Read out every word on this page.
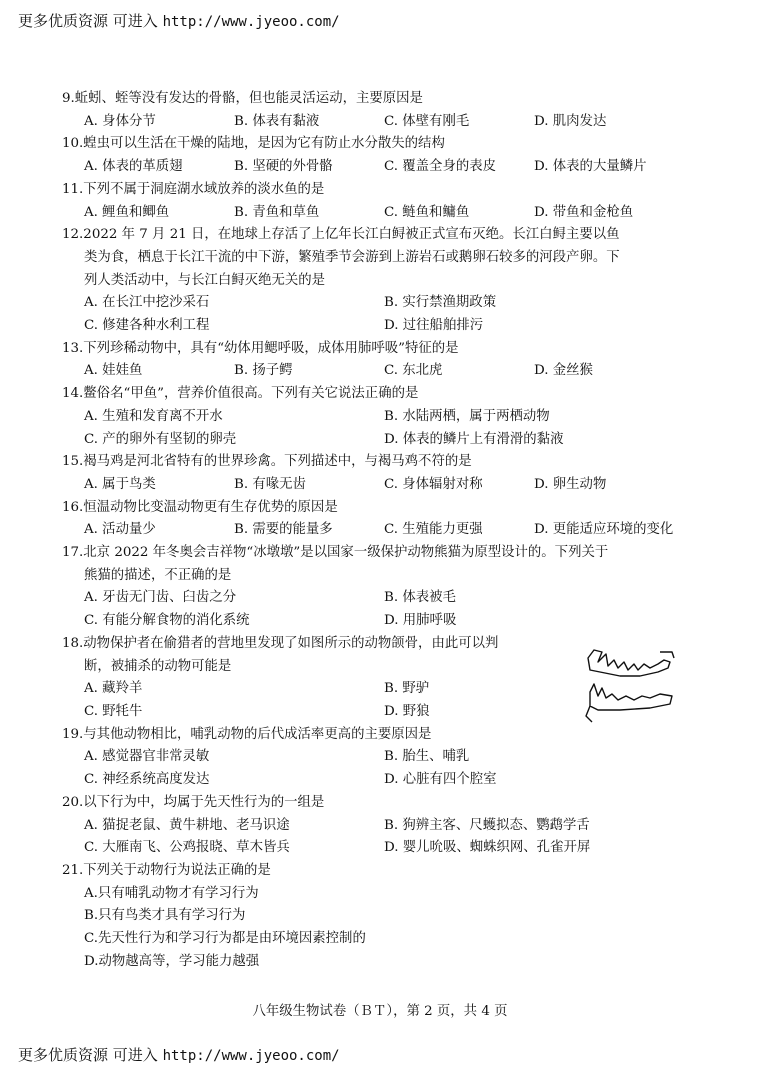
更多优质资源 可进入 http://www.jyeoo.com/
9.蚯蚓、蛭等没有发达的骨骼，但也能灵活运动，主要原因是
A. 身体分节	B. 体表有黏液	C. 体壁有刚毛	D. 肌肉发达
10.蝗虫可以生活在干燥的陆地，是因为它有防止水分散失的结构
A. 体表的革质翅	B. 坚硬的外骨骼	C. 覆盖全身的表皮	D. 体表的大量鳞片
11.下列不属于洞庭湖水域放养的淡水鱼的是
A. 鲤鱼和鲫鱼	B. 青鱼和草鱼	C. 鲢鱼和鳙鱼	D. 带鱼和金枪鱼
12.2022 年 7 月 21 日，在地球上存活了上亿年长江白鲟被正式宣布灭绝。长江白鲟主要以鱼
类为食，栖息于长江干流的中下游，繁殖季节会游到上游岩石或鹅卵石较多的河段产卵。下
列人类活动中，与长江白鲟灭绝无关的是
A. 在长江中挖沙采石	B. 实行禁渔期政策
C. 修建各种水利工程	D. 过往船舶排污
13.下列珍稀动物中，具有“幼体用鳃呼吸，成体用肺呼吸”特征的是
A. 娃娃鱼	B. 扬子鳄	C. 东北虎	D. 金丝猴
14.鳖俗名“甲鱼”，营养价值很高。下列有关它说法正确的是
A. 生殖和发育离不开水	B. 水陆两栖，属于两栖动物
C. 产的卵外有坚韧的卵壳	D. 体表的鳞片上有滑滑的黏液
15.褐马鸡是河北省特有的世界珍禽。下列描述中，与褐马鸡不符的是
A. 属于鸟类	B. 有喙无齿	C. 身体辐射对称	D. 卵生动物
16.恒温动物比变温动物更有生存优势的原因是
A. 活动量少	B. 需要的能量多	C. 生殖能力更强	D. 更能适应环境的变化
17.北京 2022 年冬奥会吉祥物“冰墩墩”是以国家一级保护动物熊猫为原型设计的。下列关于
熊猫的描述，不正确的是
A. 牙齿无门齿、臼齿之分	B. 体表被毛
C. 有能分解食物的消化系统	D. 用肺呼吸
18.动物保护者在偷猎者的营地里发现了如图所示的动物颌骨，由此可以判
断，被捕杀的动物可能是
A. 藏羚羊	B. 野驴
C. 野牦牛	D. 野狼
19.与其他动物相比，哺乳动物的后代成活率更高的主要原因是
A. 感觉器官非常灵敏	B. 胎生、哺乳
C. 神经系统高度发达	D. 心脏有四个腔室
20.以下行为中，均属于先天性行为的一组是
A. 猫捉老鼠、黄牛耕地、老马识途	B. 狗辨主客、尺蠖拟态、鹦鹉学舌
C. 大雁南飞、公鸡报晓、草木皆兵	D. 婴儿吮吸、蜘蛛织网、孔雀开屏
21.下列关于动物行为说法正确的是
A.只有哺乳动物才有学习行为
B.只有鸟类才具有学习行为
C.先天性行为和学习行为都是由环境因素控制的
D.动物越高等，学习能力越强
八年级生物试卷（ＢＴ），第 2 页，共 4 页
更多优质资源 可进入 http://www.jyeoo.com/
